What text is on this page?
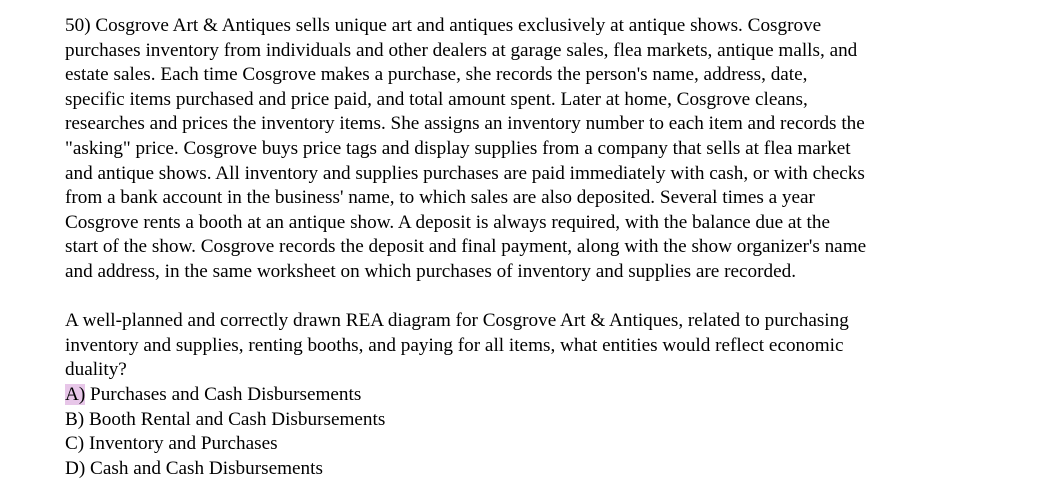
50) Cosgrove Art & Antiques sells unique art and antiques exclusively at antique shows. Cosgrove
purchases inventory from individuals and other dealers at garage sales, flea markets, antique malls, and
estate sales. Each time Cosgrove makes a purchase, she records the person's name, address, date,
specific items purchased and price paid, and total amount spent. Later at home, Cosgrove cleans,
researches and prices the inventory items. She assigns an inventory number to each item and records the
"asking" price. Cosgrove buys price tags and display supplies from a company that sells at flea market
and antique shows. All inventory and supplies purchases are paid immediately with cash, or with checks
from a bank account in the business' name, to which sales are also deposited. Several times a year
Cosgrove rents a booth at an antique show. A deposit is always required, with the balance due at the
start of the show. Cosgrove records the deposit and final payment, along with the show organizer's name
and address, in the same worksheet on which purchases of inventory and supplies are recorded.

A well-planned and correctly drawn REA diagram for Cosgrove Art & Antiques, related to purchasing
inventory and supplies, renting booths, and paying for all items, what entities would reflect economic
duality?

A) Purchases and Cash Disbursements
B) Booth Rental and Cash Disbursements
C) Inventory and Purchases
D) Cash and Cash Disbursements
